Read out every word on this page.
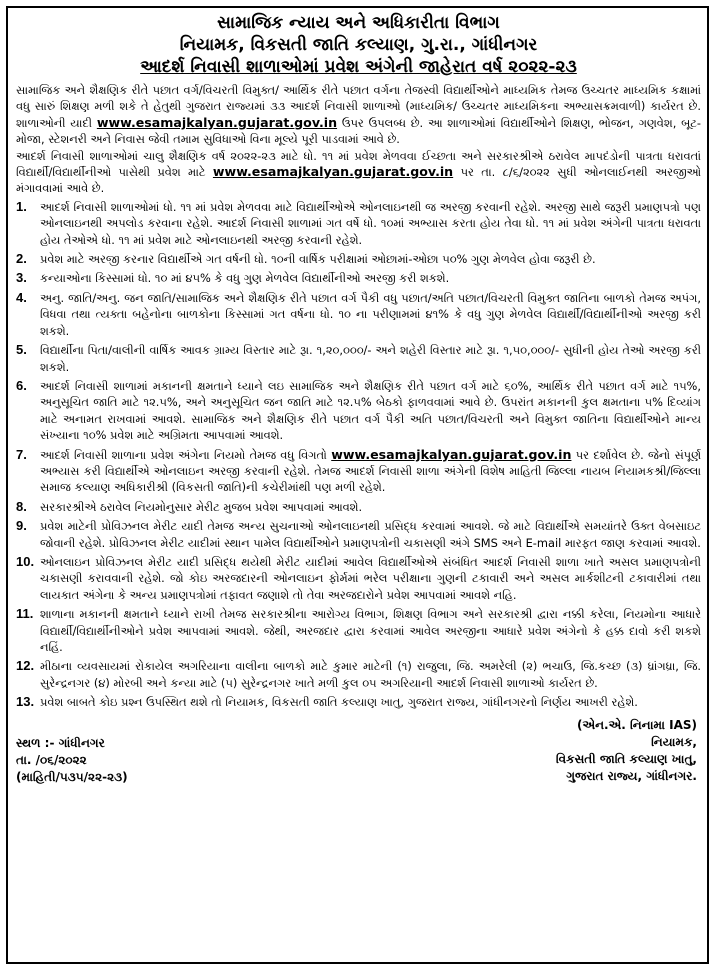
સામાજિક ન્યાય અને અધિકારીતા વિભાગ
નિયામક, વિકસતી જાતિ કલ્યાણ, ગુ.રા., ગાંધીનગર
આદર્શ નિવાસી શાળાઓમાં પ્રવેશ અંગેની જાહેરાત વર્ષ ૨૦૨૨-૨૩

સામાજિક અને શૈક્ષણિક રીતે પછાત વર્ગ/વિચરતી વિમુક્ત/ આર્થિક રીતે પછાત વર્ગના તેજસ્વી વિદ્યાર્થીઓને માધ્યમિક તેમજ ઉચ્ચતર માધ્યમિક કક્ષામાં વધુ સારું શિક્ષણ મળી શકે તે હેતુથી ગુજરાત રાજ્યમાં ૩૩ આદર્શ નિવાસી શાળાઓ (માધ્યમિક/ ઉચ્ચતર માધ્યમિકના અભ્યાસક્રમવાળી) કાર્યરત છે. શાળાઓની યાદી www.esamajkalyan.gujarat.gov.in ઉપર ઉપલબ્ધ છે. આ શાળાઓમાં વિદ્યાર્થીઓને શિક્ષણ, ભોજન, ગણવેશ, બૂટ-મોજા, સ્ટેશનરી અને નિવાસ જેવી તમામ સુવિધાઓ વિના મૂલ્યે પૂરી પાડવામાં આવે છે.

આદર્શ નિવાસી શાળાઓમાં ચાલુ શૈક્ષણિક વર્ષ ૨૦૨૨-૨૩ માટે ધો. ૧૧ માં પ્રવેશ મેળવવા ઈચ્છતા અને સરકારશ્રીએ ઠરાવેલ માપદંડોની પાત્રતા ધરાવતાં વિદ્યાર્થી/વિદ્યાર્થીનીઓ પાસેથી પ્રવેશ માટે www.esamajkalyan.gujarat.gov.in પર તા. ૮/૬/૨૦૨૨ સુધી ઓનલાઈનથી અરજીઓ મંગાવવામાં આવે છે.

1.	આદર્શ નિવાસી શાળાઓમાં ધો. ૧૧ માં પ્રવેશ મેળવવા માટે વિદ્યાર્થીઓએ ઓનલાઇનથી જ અરજી કરવાની રહેશે. અરજી સાથે જરૂરી પ્રમાણપત્રો પણ ઓનલાઇનથી અપલોડ કરવાના રહેશે. આદર્શ નિવાસી શાળામાં ગત વર્ષે ધો. ૧૦માં અભ્યાસ કરતા હોય તેવા ધો. ૧૧ માં પ્રવેશ અંગેની પાત્રતા ધરાવતા હોય તેઓએ ધો. ૧૧ માં પ્રવેશ માટે ઓનલાઇનથી અરજી કરવાની રહેશે.
2.	પ્રવેશ માટે અરજી કરનાર વિદ્યાર્થીએ ગત વર્ષની ધો. ૧૦ની વાર્ષિક પરીક્ષામાં ઓછામાં-ઓછા ૫૦% ગુણ મેળવેલ હોવા જરૂરી છે.
3.	કન્યાઓના કિસ્સામાં ધો. ૧૦ માં ૪૫% કે વધુ ગુણ મેળવેલ વિદ્યાર્થીનીઓ અરજી કરી શકશે.
4.	અનુ. જાતિ/અનુ. જન જાતિ/સામાજિક અને શૈક્ષણિક રીતે પછાત વર્ગ પૈકી વધુ પછાત/અતિ પછાત/વિચરતી વિમુક્ત જાતિના બાળકો તેમજ અપંગ, વિધવા તથા ત્યક્તા બહેનોના બાળકોના કિસ્સામાં ગત વર્ષના ધો. ૧૦ ના પરીણામમાં ૪૧% કે વધુ ગુણ મેળવેલ વિદ્યાર્થી/વિદ્યાર્થીનીઓ અરજી કરી શકશે.
5.	વિદ્યાર્થીના પિતા/વાલીની વાર્ષિક આવક ગ્રામ્ય વિસ્તાર માટે રૂા. ૧,૨૦,૦૦૦/- અને શહેરી વિસ્તાર માટે રૂા. ૧,૫૦,૦૦૦/- સુધીની હોય તેઓ અરજી કરી શકશે.
6.	આદર્શ નિવાસી શાળામાં મકાનની ક્ષમતાને ધ્યાને લઇ સામાજિક અને શૈક્ષણિક રીતે પછાત વર્ગ માટે ૬૦%, આર્થિક રીતે પછાત વર્ગ માટે ૧૫%, અનુસૂચિત જાતિ માટે ૧૨.૫%, અને અનુસૂચિત જન જાતિ માટે ૧૨.૫% બેઠકો ફાળવવામાં આવે છે. ઉપરાંત મકાનની કુલ ક્ષમતાના ૫% દિવ્યાંગ માટે અનામત રાખવામાં આવશે. સામાજિક અને શૈક્ષણિક રીતે પછાત વર્ગ પૈકી અતિ પછાત/વિચરતી અને વિમુક્ત જાતિના વિદ્યાર્થીઓને માન્ય સંખ્યાના ૧૦% પ્રવેશ માટે અગ્રિમતા આપવામાં આવશે.
7.	આદર્શ નિવાસી શાળાના પ્રવેશ અંગેના નિયમો તેમજ વધુ વિગતો www.esamajkalyan.gujarat.gov.in પર દર્શાવેલ છે. જેનો સંપૂર્ણ અભ્યાસ કરી વિદ્યાર્થીએ ઓનલાઇન અરજી કરવાની રહેશે. તેમજ આદર્શ નિવાસી શાળા અંગેની વિશેષ માહિતી જિલ્લા નાયબ નિયામકશ્રી/જિલ્લા સમાજ કલ્યાણ અધિકારીશ્રી (વિકસતી જાતિ)ની કચેરીમાંથી પણ મળી રહેશે.
8.	સરકારશ્રીએ ઠરાવેલ નિયમોનુસાર મેરીટ મુજબ પ્રવેશ આપવામાં આવશે.
9.	પ્રવેશ માટેની પ્રોવિઝનલ મેરીટ યાદી તેમજ અન્ય સુચનાઓ ઓનલાઇનથી પ્રસિદ્ધ કરવામાં આવશે. જે માટે વિદ્યાર્થીએ સમયાંતરે ઉક્ત વેબસાઇટ જોવાની રહેશે. પ્રોવિઝનલ મેરીટ યાદીમાં સ્થાન પામેલ વિદ્યાર્થીઓને પ્રમાણપત્રોની ચકાસણી અંગે SMS અને E-mail મારફત જાણ કરવામાં આવશે.
10. ઓનલાઇન પ્રોવિઝનલ મેરીટ યાદી પ્રસિદ્ધ થયેથી મેરીટ યાદીમાં આવેલ વિદ્યાર્થીઓએ સંબંધિત આદર્શ નિવાસી શાળા ખાતે અસલ પ્રમાણપત્રોની ચકાસણી કરાવવાની રહેશે. જો કોઇ અરજદારની ઓનલાઇન ફોર્મમાં ભરેલ પરીક્ષાના ગુણની ટકાવારી અને અસલ માર્કશીટની ટકાવારીમાં તથા લાયકાત અંગેના કે અન્ય પ્રમાણપત્રોમાં તફાવત જણાશે તો તેવા અરજદારોને પ્રવેશ આપવામાં આવશે નહિ.
11. શાળાના મકાનની ક્ષમતાને ધ્યાને રાખી તેમજ સરકારશ્રીના આરોગ્ય વિભાગ, શિક્ષણ વિભાગ અને સરકારશ્રી દ્વારા નક્કી કરેલા, નિયમોના આધારે વિદ્યાર્થી/વિદ્યાર્થીનીઓને પ્રવેશ આપવામાં આવશે. જેથી, અરજદાર દ્વારા કરવામાં આવેલ અરજીના આધારે પ્રવેશ અંગેનો કે હક્ક દાવો કરી શકશે નહિં.
12. મીઠાના વ્યવસાયમાં રોકાયેલ અગરિયાના વાલીના બાળકો માટે કુમાર માટેની (૧) રાજુલા, જિ. અમરેલી (૨) ભચાઉ, જિ.કચ્છ (૩) ધ્રાંગધ્રા, જિ. સુરેન્દ્રનગર (૪) મોરબી અને કન્યા માટે (૫) સુરેન્દ્રનગર ખાતે મળી કુલ ૦૫ અગરિયાની આદર્શ નિવાસી શાળાઓ કાર્યરત છે.
13. પ્રવેશ બાબતે કોઇ પ્રશ્ન ઉપસ્થિત થશે તો નિયામક, વિકસતી જાતિ કલ્યાણ ખાતુ, ગુજરાત રાજ્ય, ગાંધીનગરનો નિર્ણય આખરી રહેશે.
સ્થળ :- ગાંધીનગર
તા. /૦૬/૨૦૨૨
(માહિતી/૫૩૫/૨૨-૨૩)
(એન.એ. નિનામા IAS)
નિયામક,
વિકસતી જાતિ કલ્યાણ ખાતુ,
ગુજરાત રાજ્ય, ગાંધીનગર.
